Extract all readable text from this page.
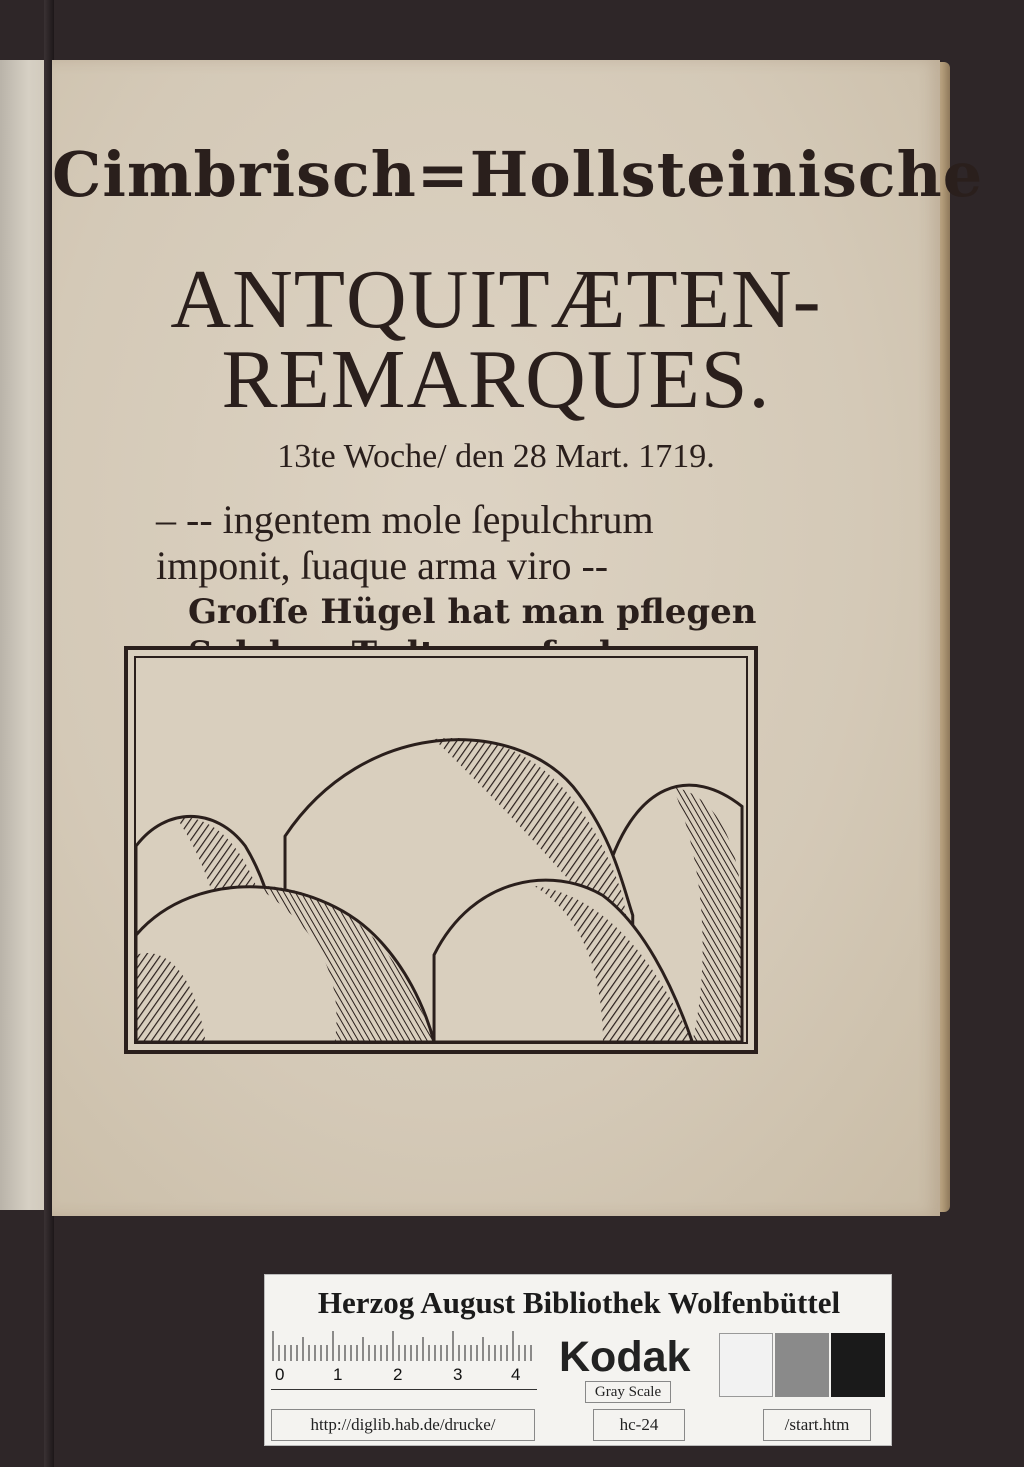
Cimbrisch=Hollsteinische

ANTQUITÆTEN-

REMARQUES.

13te Woche/ den 28 Mart. 1719.

– -- ingentem mole ſepulchrum

imponit, ſuaque arma viro --

Groſſe Hügel hat man pflegen

Herzog August Bibliothek Wolfenbüttel
0	1	2	3	4 Kodak
Gray Scale
http://diglib.hab.de/drucke/	hc-24	/start.htm
